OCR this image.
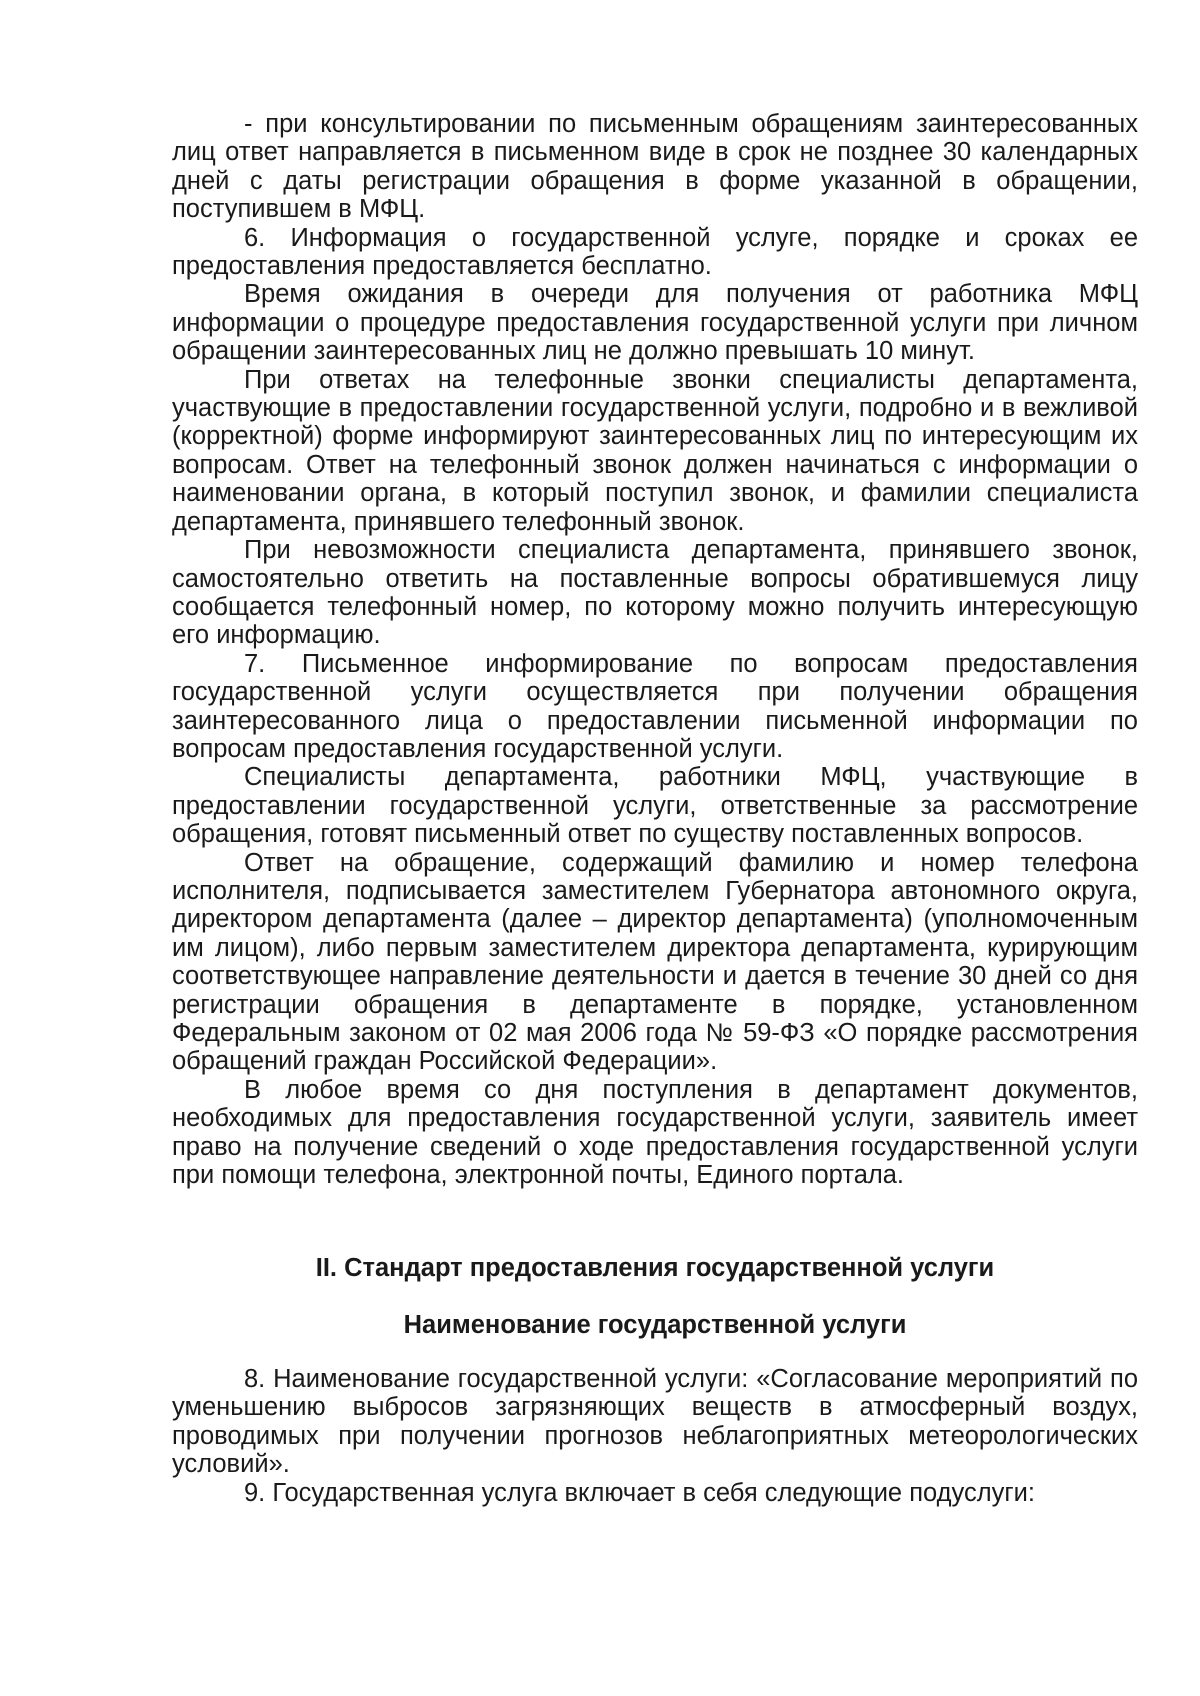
- при консультировании по письменным обращениям заинтересованных лиц ответ направляется в письменном виде в срок не позднее 30 календарных дней с даты регистрации обращения в форме указанной в обращении, поступившем в МФЦ.

6. Информация о государственной услуге, порядке и сроках ее предоставления предоставляется бесплатно.

Время ожидания в очереди для получения от работника МФЦ информации о процедуре предоставления государственной услуги при личном обращении заинтересованных лиц не должно превышать 10 минут.

При ответах на телефонные звонки специалисты департамента, участвующие в предоставлении государственной услуги, подробно и в вежливой (корректной) форме информируют заинтересованных лиц по интересующим их вопросам. Ответ на телефонный звонок должен начинаться с информации о наименовании органа, в который поступил звонок, и фамилии специалиста департамента, принявшего телефонный звонок.

При невозможности специалиста департамента, принявшего звонок, самостоятельно ответить на поставленные вопросы обратившемуся лицу сообщается телефонный номер, по которому можно получить интересующую его информацию.

7. Письменное информирование по вопросам предоставления государственной услуги осуществляется при получении обращения заинтересованного лица о предоставлении письменной информации по вопросам предоставления государственной услуги.

Специалисты департамента, работники МФЦ, участвующие в предоставлении государственной услуги, ответственные за рассмотрение обращения, готовят письменный ответ по существу поставленных вопросов.

Ответ на обращение, содержащий фамилию и номер телефона исполнителя, подписывается заместителем Губернатора автономного округа, директором департамента (далее – директор департамента) (уполномоченным им лицом), либо первым заместителем директора департамента, курирующим соответствующее направление деятельности и дается в течение 30 дней со дня регистрации обращения в департаменте в порядке, установленном Федеральным законом от 02 мая 2006 года № 59-ФЗ «О порядке рассмотрения обращений граждан Российской Федерации».

В любое время со дня поступления в департамент документов, необходимых для предоставления государственной услуги, заявитель имеет право на получение сведений о ходе предоставления государственной услуги при помощи телефона, электронной почты, Единого портала.

II. Стандарт предоставления государственной услуги
Наименование государственной услуги

8. Наименование государственной услуги: «Согласование мероприятий по уменьшению выбросов загрязняющих веществ в атмосферный воздух, проводимых при получении прогнозов неблагоприятных метеорологических условий».

9. Государственная услуга включает в себя следующие подуслуги:
